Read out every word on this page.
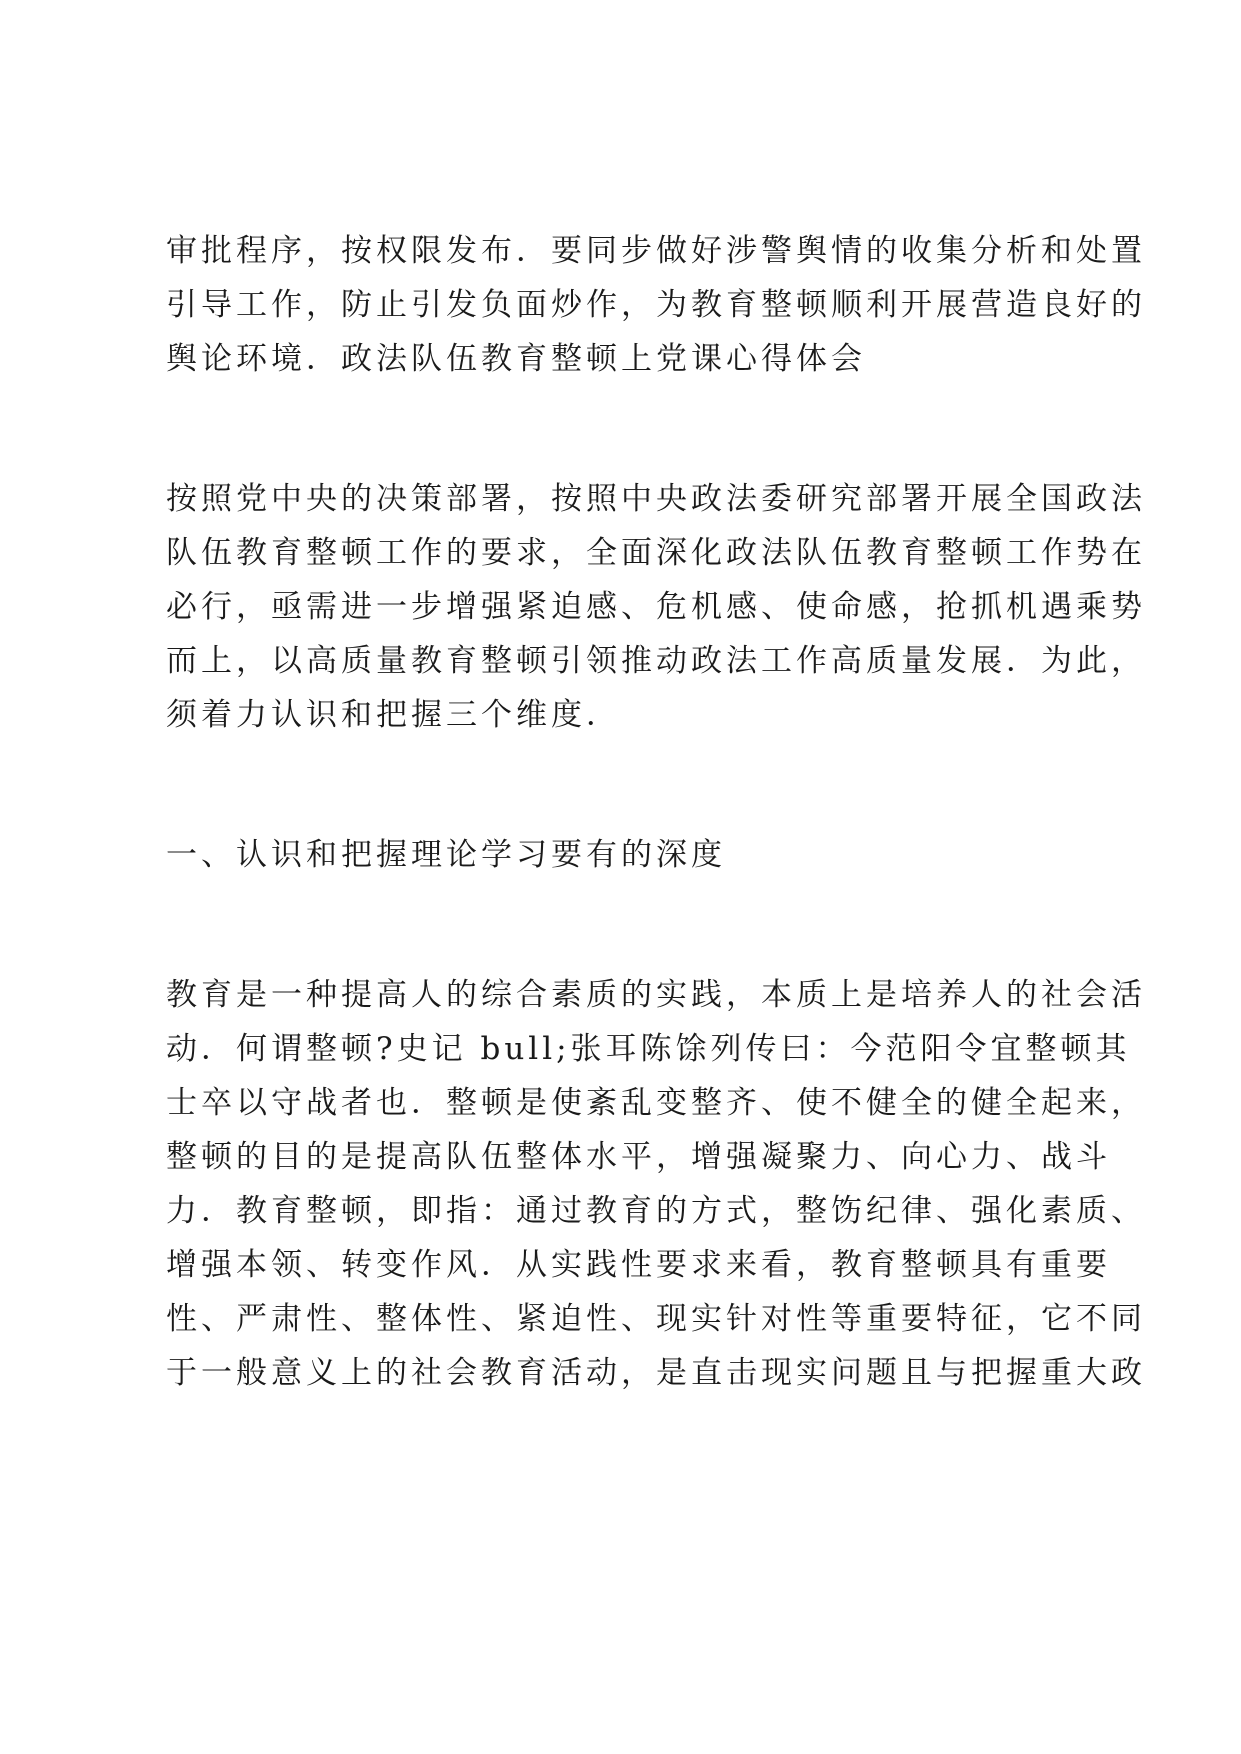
审批程序，按权限发布．要同步做好涉警舆情的收集分析和处置
引导工作，防止引发负面炒作，为教育整顿顺利开展营造良好的
舆论环境．政法队伍教育整顿上党课心得体会
按照党中央的决策部署，按照中央政法委研究部署开展全国政法
队伍教育整顿工作的要求，全面深化政法队伍教育整顿工作势在
必行，亟需进一步增强紧迫感、危机感、使命感，抢抓机遇乘势
而上，以高质量教育整顿引领推动政法工作高质量发展．为此，
须着力认识和把握三个维度．
一、认识和把握理论学习要有的深度
教育是一种提高人的综合素质的实践，本质上是培养人的社会活
动．何谓整顿?史记 bull;张耳陈馀列传曰：今范阳令宜整顿其
士卒以守战者也．整顿是使紊乱变整齐、使不健全的健全起来，
整顿的目的是提高队伍整体水平，增强凝聚力、向心力、战斗
力．教育整顿，即指：通过教育的方式，整饬纪律、强化素质、
增强本领、转变作风．从实践性要求来看，教育整顿具有重要
性、严肃性、整体性、紧迫性、现实针对性等重要特征，它不同
于一般意义上的社会教育活动，是直击现实问题且与把握重大政
